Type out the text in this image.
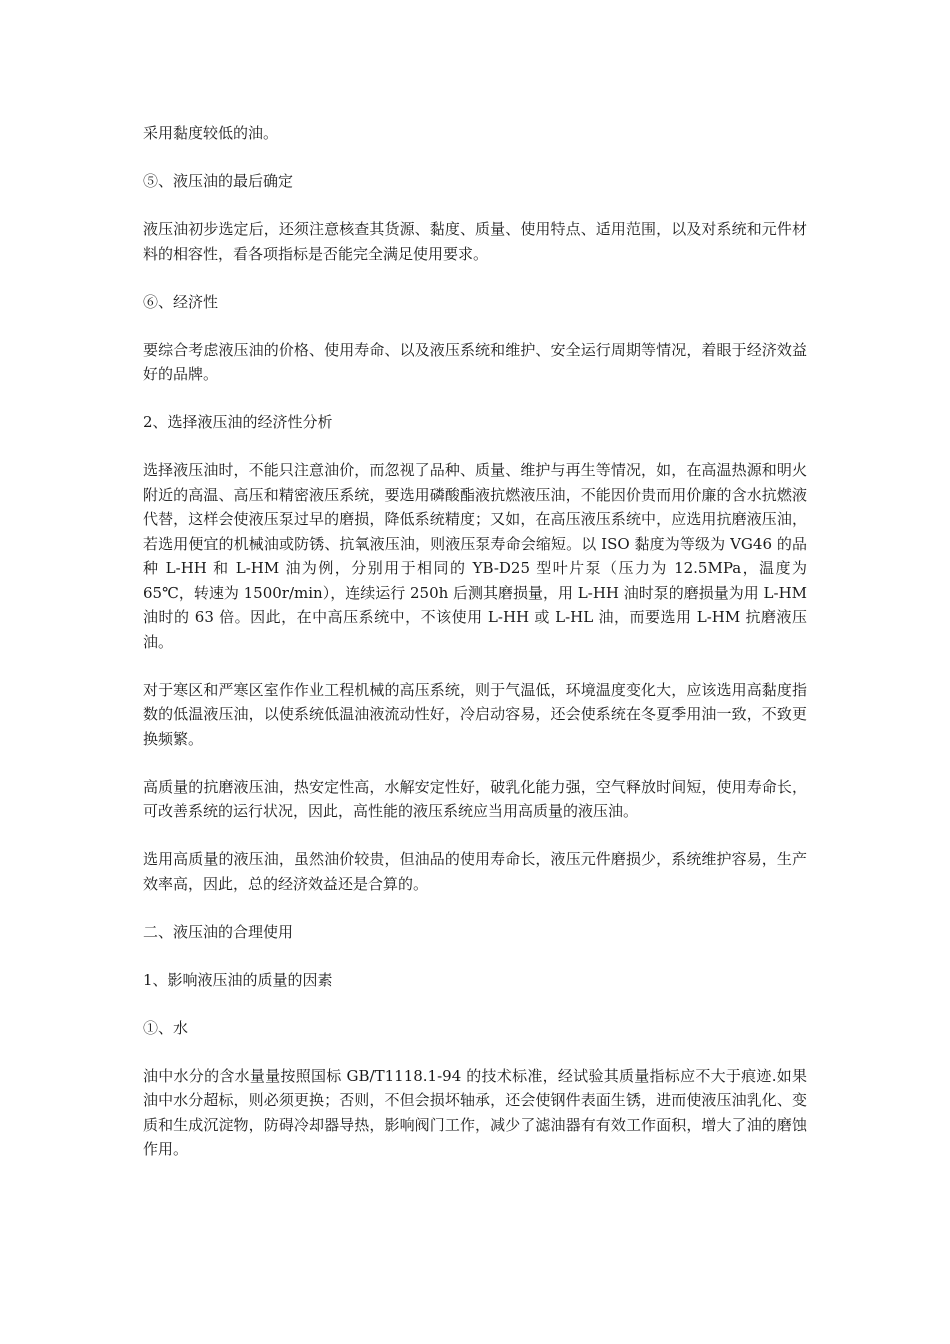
采用黏度较低的油。

⑤、液压油的最后确定

液压油初步选定后，还须注意核查其货源、黏度、质量、使用特点、适用范围，以及对系统和元件材料的相容性，看各项指标是否能完全满足使用要求。

⑥、经济性

要综合考虑液压油的价格、使用寿命、以及液压系统和维护、安全运行周期等情况，着眼于经济效益好的品牌。

2、选择液压油的经济性分析

选择液压油时，不能只注意油价，而忽视了品种、质量、维护与再生等情况，如，在高温热源和明火附近的高温、高压和精密液压系统，要选用磷酸酯液抗燃液压油，不能因价贵而用价廉的含水抗燃液代替，这样会使液压泵过早的磨损，降低系统精度；又如，在高压液压系统中，应选用抗磨液压油，若选用便宜的机械油或防锈、抗氧液压油，则液压泵寿命会缩短。以 ISO 黏度为等级为 VG46 的品种 L-HH 和 L-HM 油为例，分别用于相同的 YB-D25 型叶片泵（压力为 12.5MPa，温度为 65℃，转速为 1500r/min），连续运行 250h 后测其磨损量，用 L-HH 油时泵的磨损量为用 L-HM 油时的 63 倍。因此，在中高压系统中，不该使用 L-HH 或 L-HL 油，而要选用 L-HM 抗磨液压油。

对于寒区和严寒区室作作业工程机械的高压系统，则于气温低，环境温度变化大，应该选用高黏度指数的低温液压油，以使系统低温油液流动性好，冷启动容易，还会使系统在冬夏季用油一致，不致更换频繁。

高质量的抗磨液压油，热安定性高，水解安定性好，破乳化能力强，空气释放时间短，使用寿命长，可改善系统的运行状况，因此，高性能的液压系统应当用高质量的液压油。

选用高质量的液压油，虽然油价较贵，但油品的使用寿命长，液压元件磨损少，系统维护容易，生产效率高，因此，总的经济效益还是合算的。

二、液压油的合理使用

1、影响液压油的质量的因素

①、水

油中水分的含水量量按照国标 GB/T1118.1-94 的技术标准，经试验其质量指标应不大于痕迹.如果油中水分超标，则必须更换；否则，不但会损坏轴承，还会使钢件表面生锈，进而使液压油乳化、变质和生成沉淀物，防碍冷却器导热，影响阀门工作，减少了滤油器有有效工作面积，增大了油的磨蚀作用。
